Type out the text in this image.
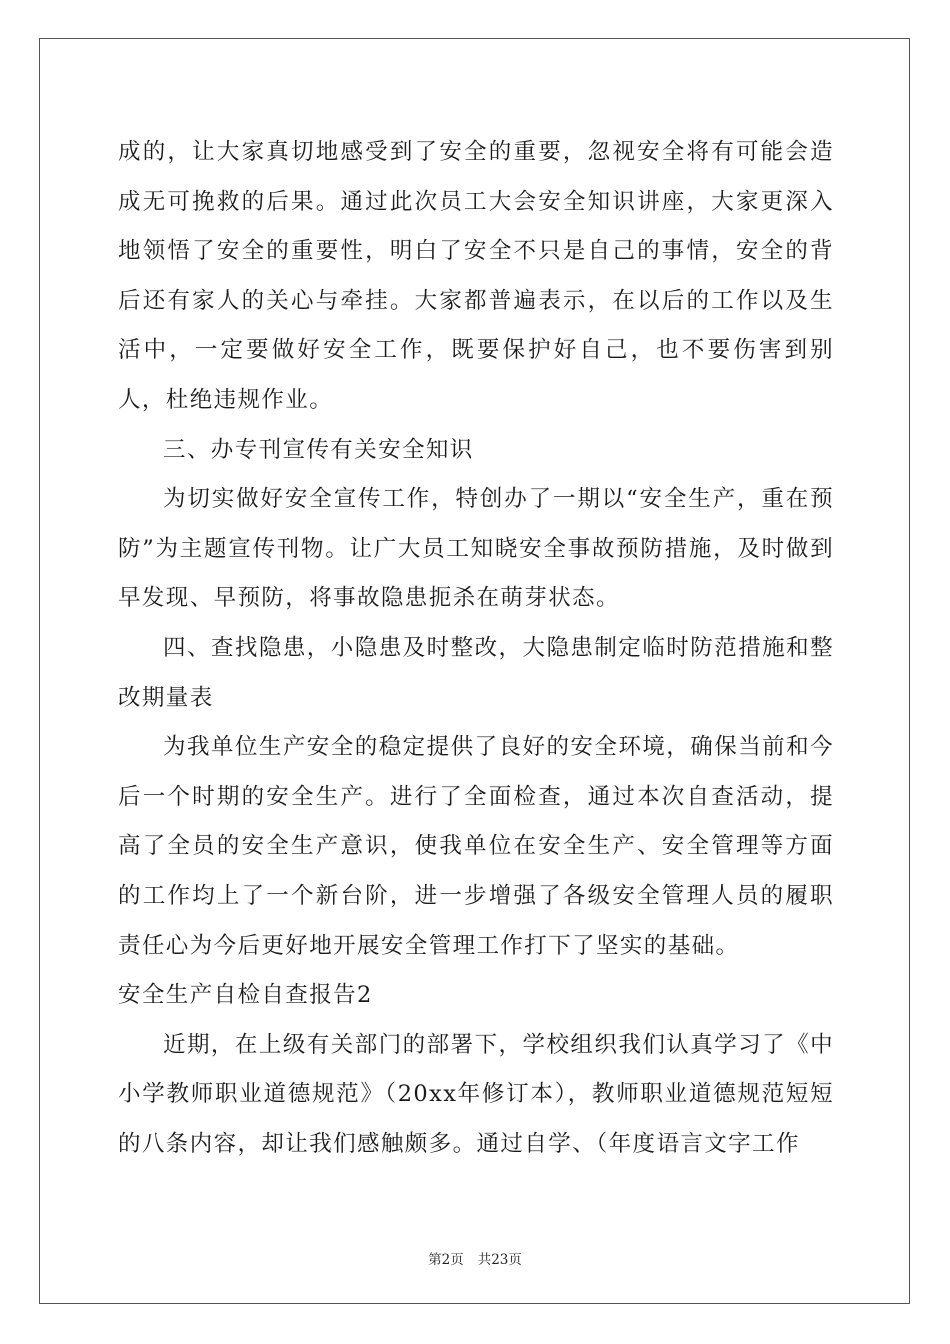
成的，让大家真切地感受到了安全的重要，忽视安全将有可能会造成无可挽救的后果。通过此次员工大会安全知识讲座，大家更深入地领悟了安全的重要性，明白了安全不只是自己的事情，安全的背后还有家人的关心与牵挂。大家都普遍表示，在以后的工作以及生活中，一定要做好安全工作，既要保护好自己，也不要伤害到别人，杜绝违规作业。

三、办专刊宣传有关安全知识

为切实做好安全宣传工作，特创办了一期以“安全生产，重在预防”为主题宣传刊物。让广大员工知晓安全事故预防措施，及时做到早发现、早预防，将事故隐患扼杀在萌芽状态。

四、查找隐患，小隐患及时整改，大隐患制定临时防范措施和整改期量表

为我单位生产安全的稳定提供了良好的安全环境，确保当前和今后一个时期的安全生产。进行了全面检查，通过本次自查活动，提高了全员的安全生产意识，使我单位在安全生产、安全管理等方面的工作均上了一个新台阶，进一步增强了各级安全管理人员的履职责任心为今后更好地开展安全管理工作打下了坚实的基础。

安全生产自检自查报告2

近期，在上级有关部门的部署下，学校组织我们认真学习了《中小学教师职业道德规范》（20xx年修订本），教师职业道德规范短短的八条内容，却让我们感触颇多。通过自学、（年度语言文字工作

第2页 共23页
